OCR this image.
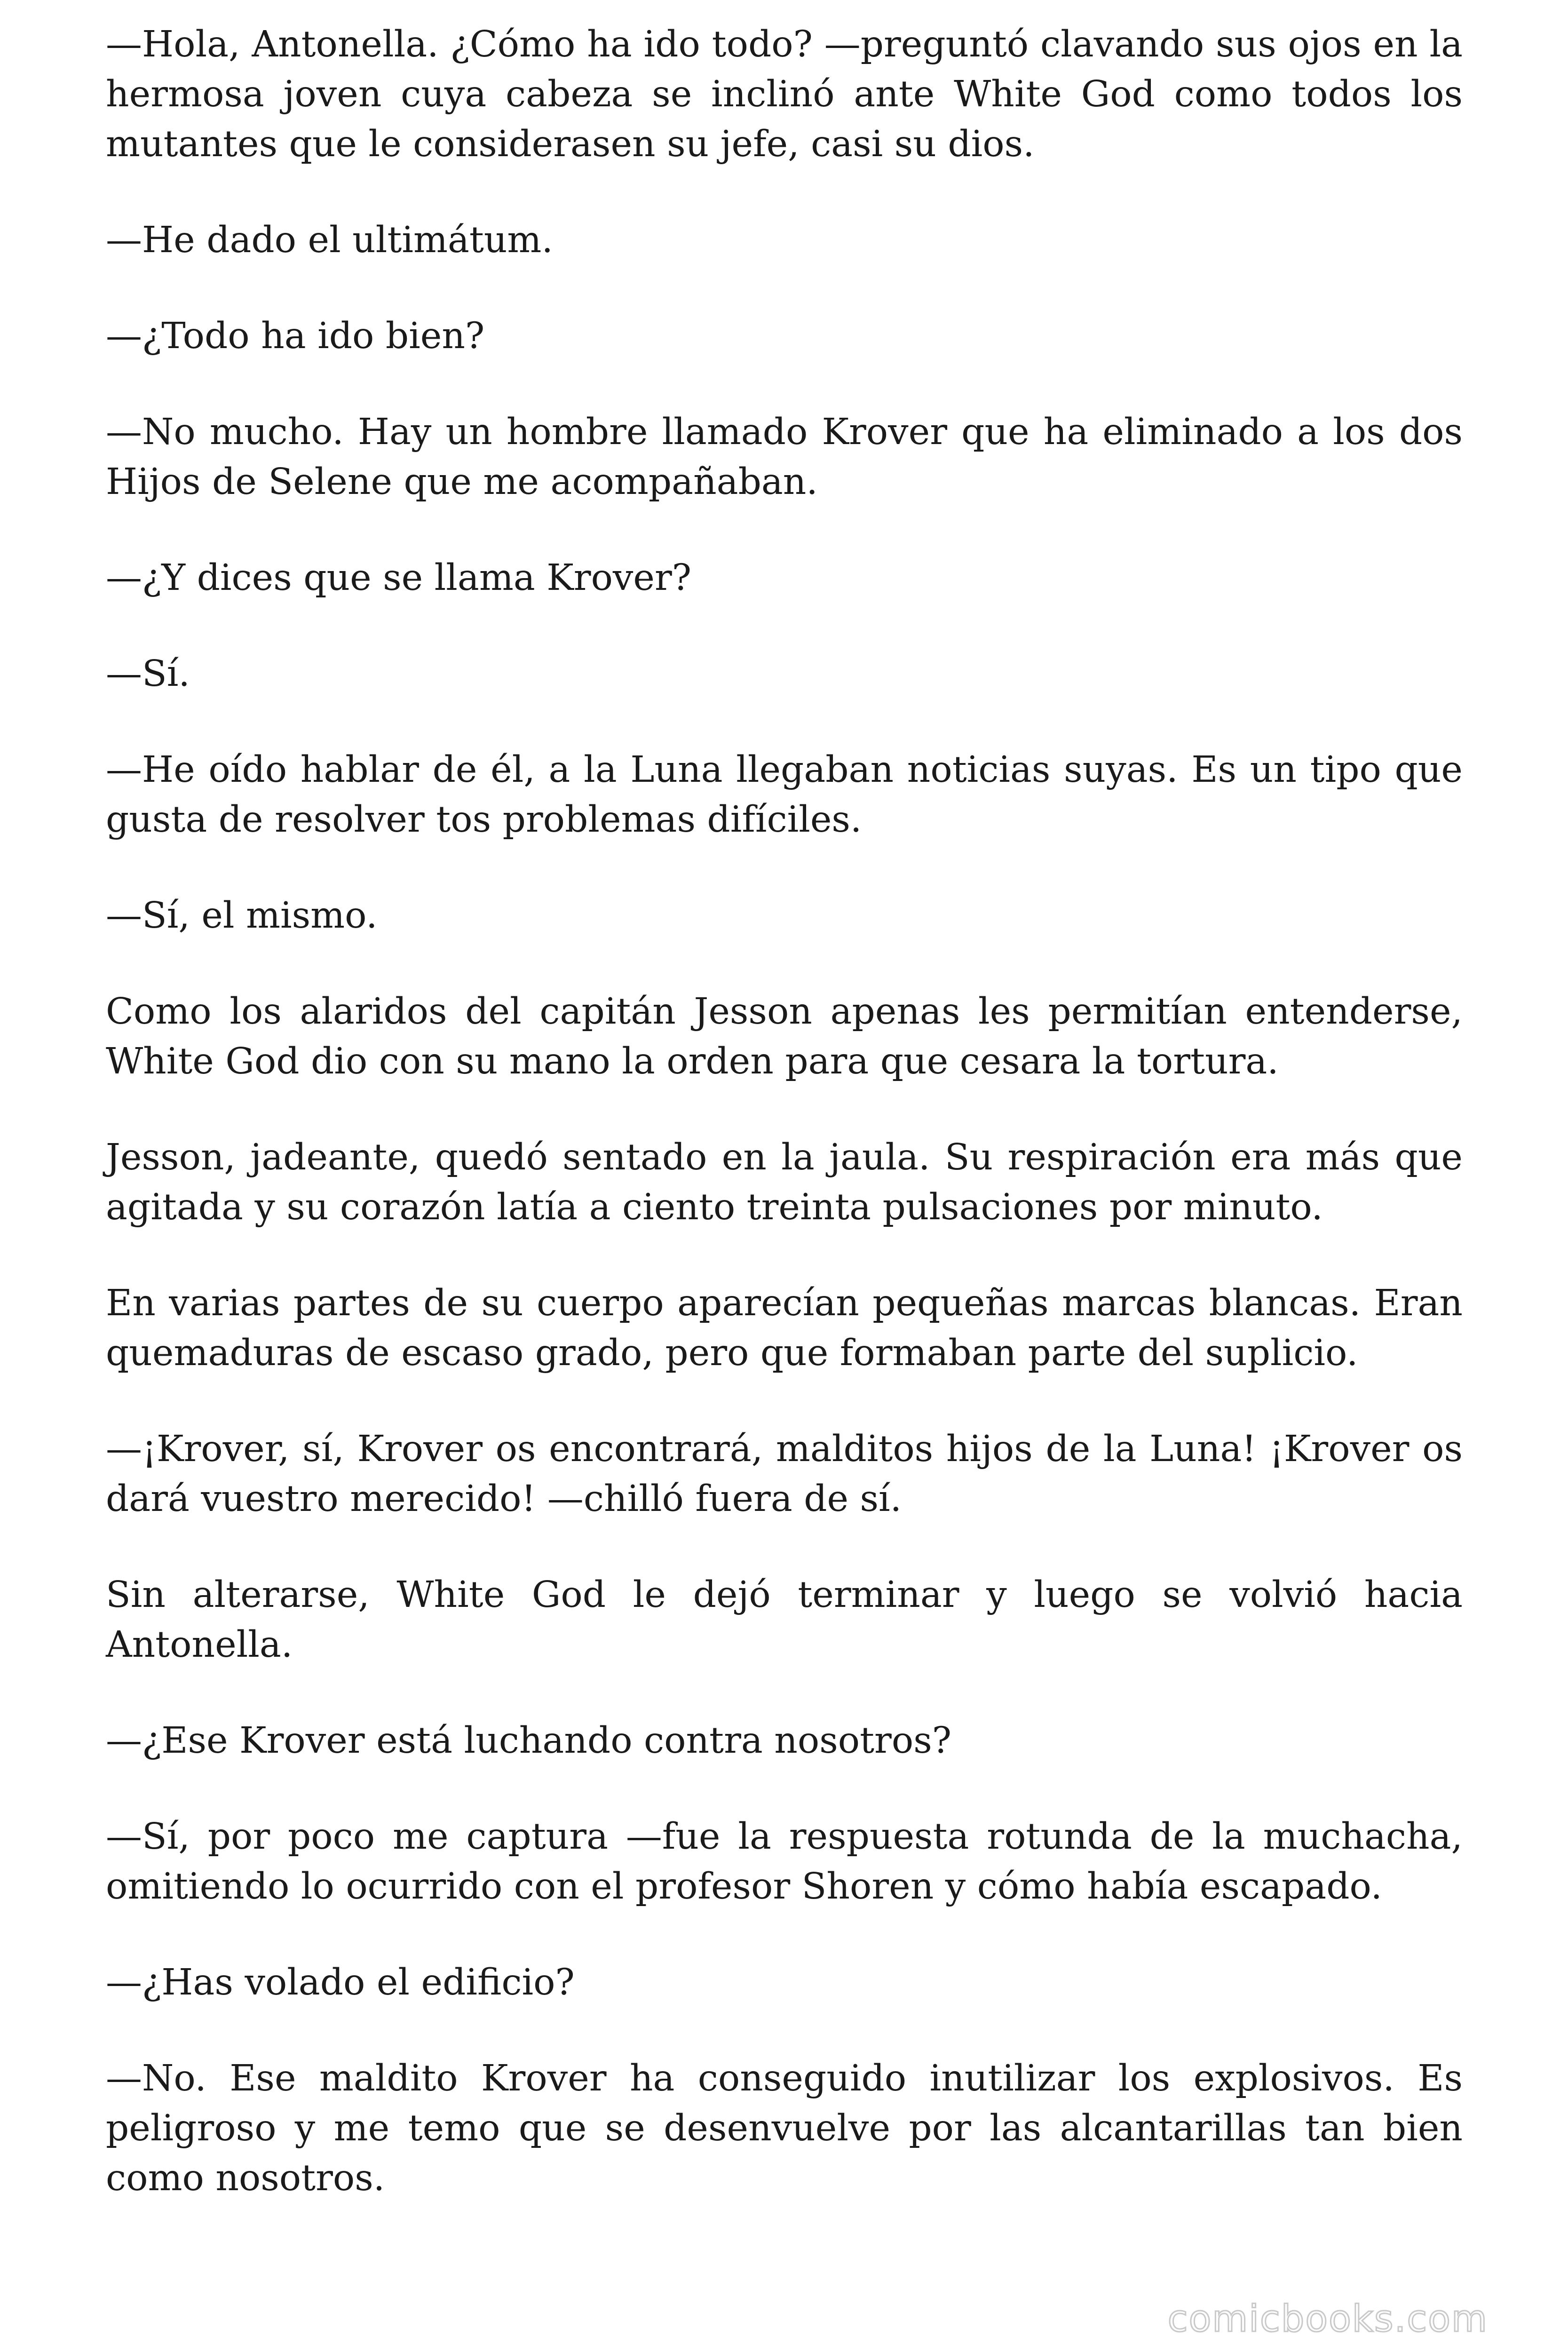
—Hola, Antonella. ¿Cómo ha ido todo? —preguntó clavando sus ojos en la hermosa joven cuya cabeza se inclinó ante White God como todos los mutantes que le considerasen su jefe, casi su dios.

—He dado el ultimátum.

—¿Todo ha ido bien?

—No mucho. Hay un hombre llamado Krover que ha eliminado a los dos Hijos de Selene que me acompañaban.

—¿Y dices que se llama Krover?

—Sí.

—He oído hablar de él, a la Luna llegaban noticias suyas. Es un tipo que gusta de resolver tos problemas difíciles.

—Sí, el mismo.

Como los alaridos del capitán Jesson apenas les permitían entenderse, White God dio con su mano la orden para que cesara la tortura.

Jesson, jadeante, quedó sentado en la jaula. Su respiración era más que agitada y su corazón latía a ciento treinta pulsaciones por minuto.

En varias partes de su cuerpo aparecían pequeñas marcas blancas. Eran quemaduras de escaso grado, pero que formaban parte del suplicio.

—¡Krover, sí, Krover os encontrará, malditos hijos de la Luna! ¡Krover os dará vuestro merecido! —chilló fuera de sí.

Sin alterarse, White God le dejó terminar y luego se volvió hacia Antonella.

—¿Ese Krover está luchando contra nosotros?

—Sí, por poco me captura —fue la respuesta rotunda de la muchacha, omitiendo lo ocurrido con el profesor Shoren y cómo había escapado.

—¿Has volado el edificio?

—No. Ese maldito Krover ha conseguido inutilizar los explosivos. Es peligroso y me temo que se desenvuelve por las alcantarillas tan bien como nosotros.

comicbooks.com
